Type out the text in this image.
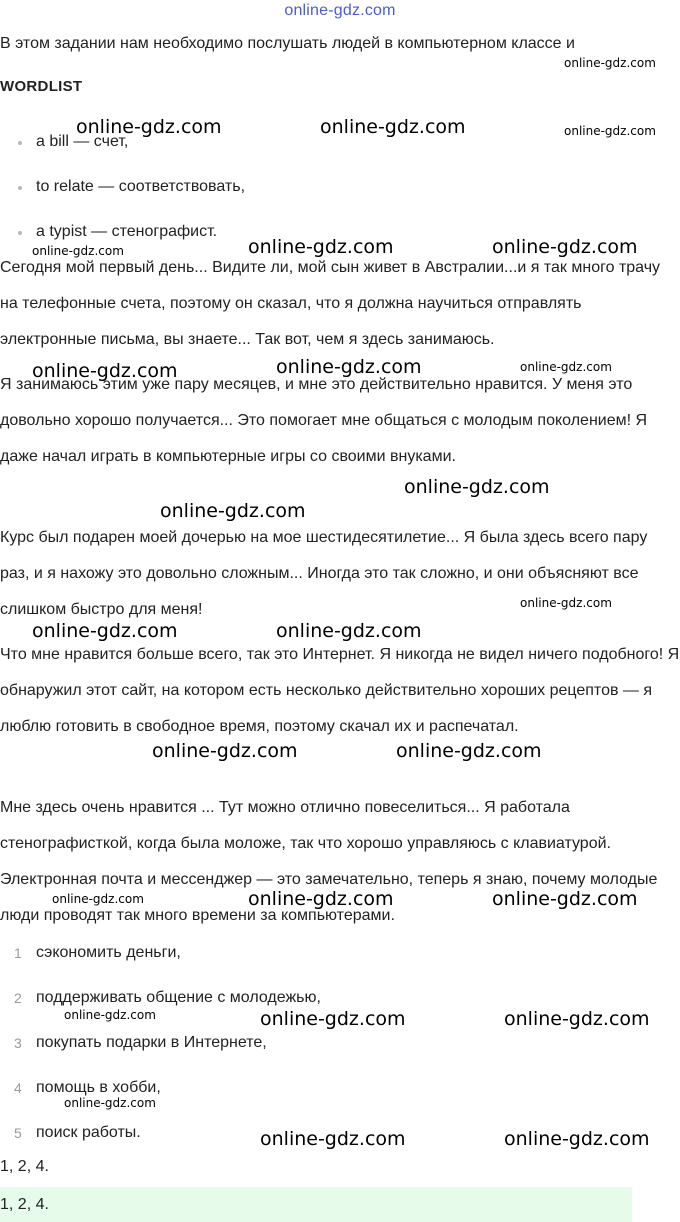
online-gdz.com
В этом задании нам необходимо послушать людей в компьютерном классе и
WORDLIST
a bill — счет,
to relate — соответствовать,
a typist — стенографист.

Сегодня мой первый день... Видите ли, мой сын живет в Австралии...и я так много трачу на телефонные счета, поэтому он сказал, что я должна научиться отправлять электронные письма, вы знаете... Так вот, чем я здесь занимаюсь.

Я занимаюсь этим уже пару месяцев, и мне это действительно нравится. У меня это довольно хорошо получается... Это помогает мне общаться с молодым поколением! Я даже начал играть в компьютерные игры со своими внуками.

Курс был подарен моей дочерью на мое шестидесятилетие... Я была здесь всего пару раз, и я нахожу это довольно сложным... Иногда это так сложно, и они объясняют все слишком быстро для меня!

Что мне нравится больше всего, так это Интернет. Я никогда не видел ничего подобного! Я обнаружил этот сайт, на котором есть несколько действительно хороших рецептов — я люблю готовить в свободное время, поэтому скачал их и распечатал.

Мне здесь очень нравится ... Тут можно отлично повеселиться... Я работала стенографисткой, когда была моложе, так что хорошо управляюсь с клавиатурой. Электронная почта и мессенджер — это замечательно, теперь я знаю, почему молодые люди проводят так много времени за компьютерами.

1 сэкономить деньги,
2 поддерживать общение с молодежью,
3 покупать подарки в Интернете,
4 помощь в хобби,
5 поиск работы.
1, 2, 4.
1, 2, 4.
online-gdz.com
online-gdz.com	online-gdz.com	online-gdz.com
online-gdz.com	online-gdz.com	online-gdz.com
online-gdz.com	online-gdz.com	online-gdz.com
online-gdz.com
online-gdz.com
online-gdz.com
online-gdz.com	online-gdz.com
online-gdz.com	online-gdz.com
online-gdz.com	online-gdz.com	online-gdz.com
online-gdz.com	online-gdz.com	online-gdz.com
online-gdz.com
online-gdz.com	online-gdz.com
